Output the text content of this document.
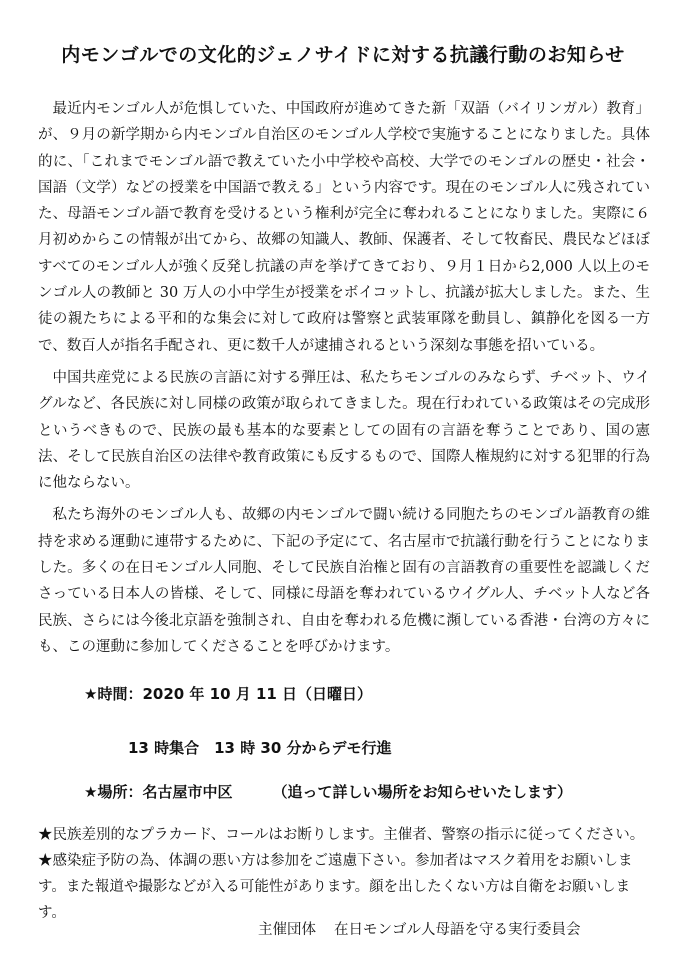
内モンゴルでの文化的ジェノサイドに対する抗議行動のお知らせ

最近内モンゴル人が危惧していた、中国政府が進めてきた新「双語（バイリンガル）教育」が、９月の新学期から内モンゴル自治区のモンゴル人学校で実施することになりました。具体的に、「これまでモンゴル語で教えていた小中学校や高校、大学でのモンゴルの歴史・社会・国語（文学）などの授業を中国語で教える」という内容です。現在のモンゴル人に残されていた、母語モンゴル語で教育を受けるという権利が完全に奪われることになりました。実際に６月初めからこの情報が出てから、故郷の知識人、教師、保護者、そして牧畜民、農民などほぼすべてのモンゴル人が強く反発し抗議の声を挙げてきており、９月１日から2,000 人以上のモンゴル人の教師と 30 万人の小中学生が授業をボイコットし、抗議が拡大しました。また、生徒の親たちによる平和的な集会に対して政府は警察と武装軍隊を動員し、鎮静化を図る一方で、数百人が指名手配され、更に数千人が逮捕されるという深刻な事態を招いている。

中国共産党による民族の言語に対する弾圧は、私たちモンゴルのみならず、チベット、ウイグルなど、各民族に対し同様の政策が取られてきました。現在行われている政策はその完成形というべきもので、民族の最も基本的な要素としての固有の言語を奪うことであり、国の憲法、そして民族自治区の法律や教育政策にも反するもので、国際人権規約に対する犯罪的行為に他ならない。

私たち海外のモンゴル人も、故郷の内モンゴルで闘い続ける同胞たちのモンゴル語教育の維持を求める運動に連帯するために、下記の予定にて、名古屋市で抗議行動を行うことになりました。多くの在日モンゴル人同胞、そして民族自治権と固有の言語教育の重要性を認識しくださっている日本人の皆様、そして、同様に母語を奪われているウイグル人、チベット人など各民族、さらには今後北京語を強制され、自由を奪われる危機に瀕している香港・台湾の方々にも、この運動に参加してくださることを呼びかけます。

★時間：2020 年 10 月 11 日（日曜日）
13 時集合　13 時 30 分からデモ行進
★場所：名古屋市中区	（追って詳しい場所をお知らせいたします）

★民族差別的なプラカード、コールはお断りします。主催者、警察の指示に従ってください。

★感染症予防の為、体調の悪い方は参加をご遠慮下さい。参加者はマスク着用をお願いします。また報道や撮影などが入る可能性があります。顔を出したくない方は自衛をお願いします。

主催団体 在日モンゴル人母語を守る実行委員会
